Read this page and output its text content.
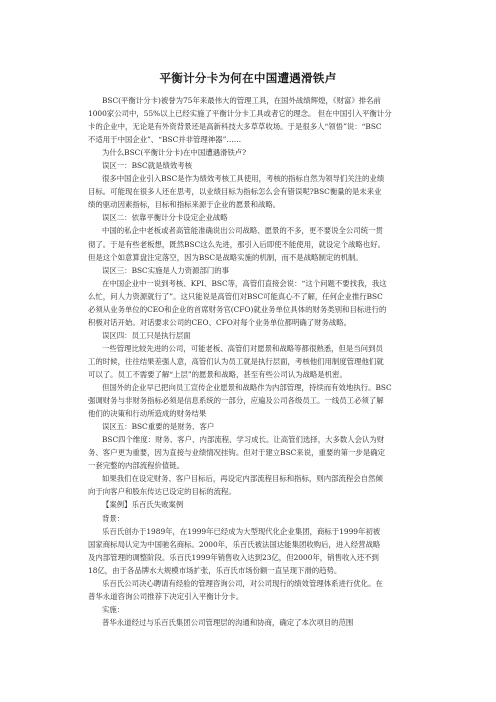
平衡计分卡为何在中国遭遇滑铁卢
BSC(平衡计分卡)被誉为75年来最伟大的管理工具，在国外战绩辉煌，《财富》排名前
1000家公司中，55%以上已经实施了平衡计分卡工具或者它的理念。 但在中国引入平衡计分
卡的企业中，无论是有外资背景还是高新科技大多草草收场。于是很多人“领悟”说：“BSC
不适用于中国企业”、“BSC并非管理神器”……
为什么BSC(平衡计分卡)在中国遭遇滑铁卢?
误区一：BSC就是绩效考核
很多中国企业引入BSC是作为绩效考核工具使用，考核的指标自然为领导们关注的业绩
目标。可能现在很多人还在思考，以业绩目标为指标怎么会有错误呢?BSC衡量的是未来业
绩的驱动因素指标，目标和指标来源于企业的愿景和战略。
误区二：依靠平衡计分卡设定企业战略
中国的私企中老板或者高管能准确说出公司战略、愿景的不多，更不要说全公司统一贯
彻了。于是有些老板想，既然BSC这么先进，那引入后即使不能使用，就设定个战略也好。
但是这个如意算盘注定落空，因为BSC是战略实施的机制，而不是战略制定的机制。
误区三：BSC实施是人力资源部门的事
在中国企业中一说到考核、KPI、BSC等，高管们直接会说：“这个问题不要找我，我这
么忙，问人力资源就行了”。这只能说是高管们对BSC可能真心不了解，任何企业推行BSC
必须从业务单位的CEO和企业的首席财务官(CFO)就业务单位具体的财务类别和目标进行的
积极对话开始。对话要求公司的CEO、CFO对每个业务单位都明确了财务战略。
误区四：员工只是执行层面
一些管理比较先进的公司，可能老板、高管们对愿景和战略等都很熟悉，但是当问到员
工的时候，往往结果差强人意，高管们认为员工就是执行层面，考核他们用制度管理他们就
可以了。员工不需要了解“上层”的愿景和战略，甚至有些公司认为战略是机密。
但国外的企业早已把向员工宣传企业愿景和战略作为内部管理，持续而有效地执行。BSC
强调财务与非财务指标必须是信息系统的一部分，应遍及公司各级员工。一线员工必须了解
他们的决策和行动所造成的财务结果
误区五：BSC重要的是财务、客户
BSC四个维度：财务、客户、内部流程、学习成长。让高管们选择，大多数人会认为财
务、客户更为重要，因为直接与业绩情况挂钩。但对于建立BSC来说，重要的第一步是确定
一套完整的内部流程价值链。
如果我们在设定财务、客户目标后，再设定内部流程目标和指标，则内部流程会自然倾
向于向客户和股东传达已设定的目标的流程。
【案例】乐百氏失败案例
背景：
乐百氏创办于1989年，在1999年已经成为大型现代化企业集团，商标于1999年初被
国家商标局认定为中国驰名商标。2000年，乐百氏被法国达能集团收购后，进入经营战略
及内部管理的调整阶段。乐百氏1999年销售收入达到23亿，但2000年，销售收入还不到
18亿，由于各品牌水大规模市场扩张，乐百氏市场份额一直呈现下滑的趋势。
乐百氏公司决心聘请有经验的管理咨询公司，对公司现行的绩效管理体系进行优化。在
普华永道咨询公司推荐下决定引入平衡计分卡。
实施：
普华永道经过与乐百氏集团公司管理层的沟通和协商，确定了本次项目的范围
